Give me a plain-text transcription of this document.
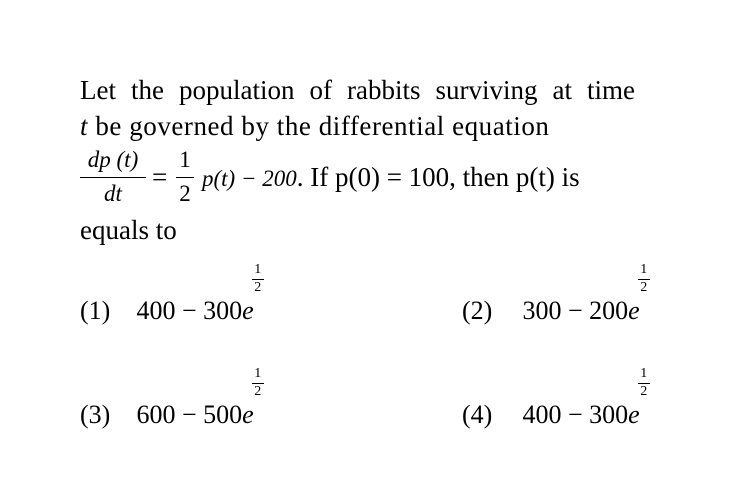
Let the population of rabbits surviving at time
t be governed by the differential equation
dp (t)
dt
=
1
2
p(t) − 200. If p(0) = 100, then p(t) is
equals to
(1) 400 − 300e
1
2
(2) 300 − 200e
1
2
(3) 600 − 500e
1
2
(4) 400 − 300e
1
2
